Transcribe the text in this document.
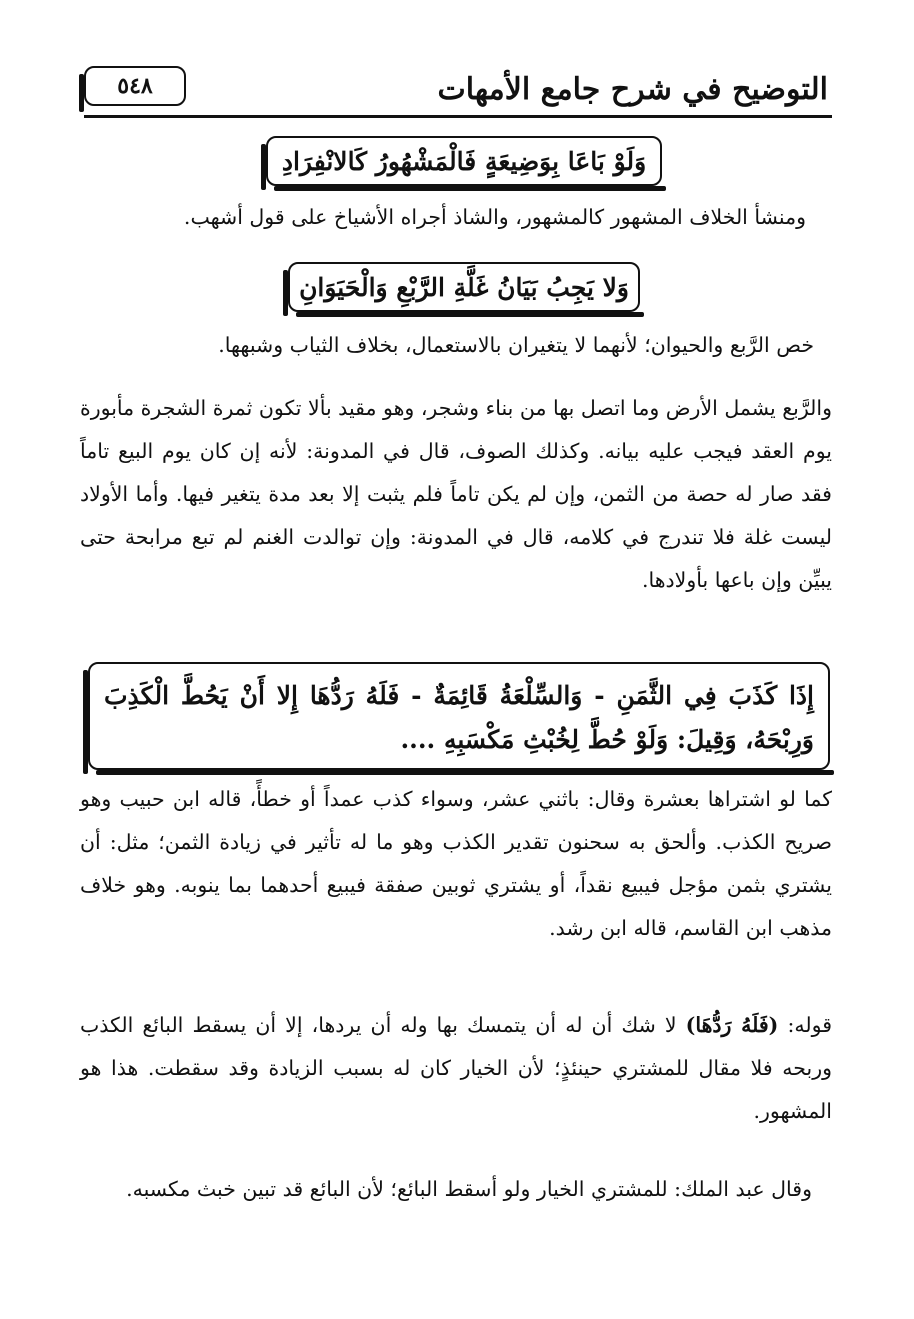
التوضيح في شرح جامع الأمهات
٥٤٨
وَلَوْ بَاعَا بِوَضِيعَةٍ فَالْمَشْهُورُ كَالانْفِرَادِ
ومنشأ الخلاف المشهور كالمشهور، والشاذ أجراه الأشياخ على قول أشهب.
وَلا يَجِبُ بَيَانُ غَلَّةِ الرَّبْعِ وَالْحَيَوَانِ
خص الرَّبع والحيوان؛ لأنهما لا يتغيران بالاستعمال، بخلاف الثياب وشبهها.
والرَّبع يشمل الأرض وما اتصل بها من بناء وشجر، وهو مقيد بألا تكون ثمرة الشجرة مأبورة يوم العقد فيجب عليه بيانه. وكذلك الصوف، قال في المدونة: لأنه إن كان يوم البيع تاماً فقد صار له حصة من الثمن، وإن لم يكن تاماً فلم يثبت إلا بعد مدة يتغير فيها. وأما الأولاد ليست غلة فلا تندرج في كلامه، قال في المدونة: وإن توالدت الغنم لم تبع مرابحة حتى يبيِّن وإن باعها بأولادها.
إِذَا كَذَبَ فِي الثَّمَنِ - وَالسِّلْعَةُ قَائِمَةٌ - فَلَهُ رَدُّهَا إِلا أَنْ يَحُطَّ الْكَذِبَ وَرِبْحَهُ، وَقِيلَ: وَلَوْ حُطَّ لِخُبْثِ مَكْسَبِهِ ....
كما لو اشتراها بعشرة وقال: باثني عشر، وسواء كذب عمداً أو خطأً، قاله ابن حبيب وهو صريح الكذب. وألحق به سحنون تقدير الكذب وهو ما له تأثير في زيادة الثمن؛ مثل: أن يشتري بثمن مؤجل فيبيع نقداً، أو يشتري ثوبين صفقة فيبيع أحدهما بما ينوبه. وهو خلاف مذهب ابن القاسم، قاله ابن رشد.
قوله: (فَلَهُ رَدُّهَا) لا شك أن له أن يتمسك بها وله أن يردها، إلا أن يسقط البائع الكذب وربحه فلا مقال للمشتري حينئذٍ؛ لأن الخيار كان له بسبب الزيادة وقد سقطت. هذا هو المشهور.
وقال عبد الملك: للمشتري الخيار ولو أسقط البائع؛ لأن البائع قد تبين خبث مكسبه.
